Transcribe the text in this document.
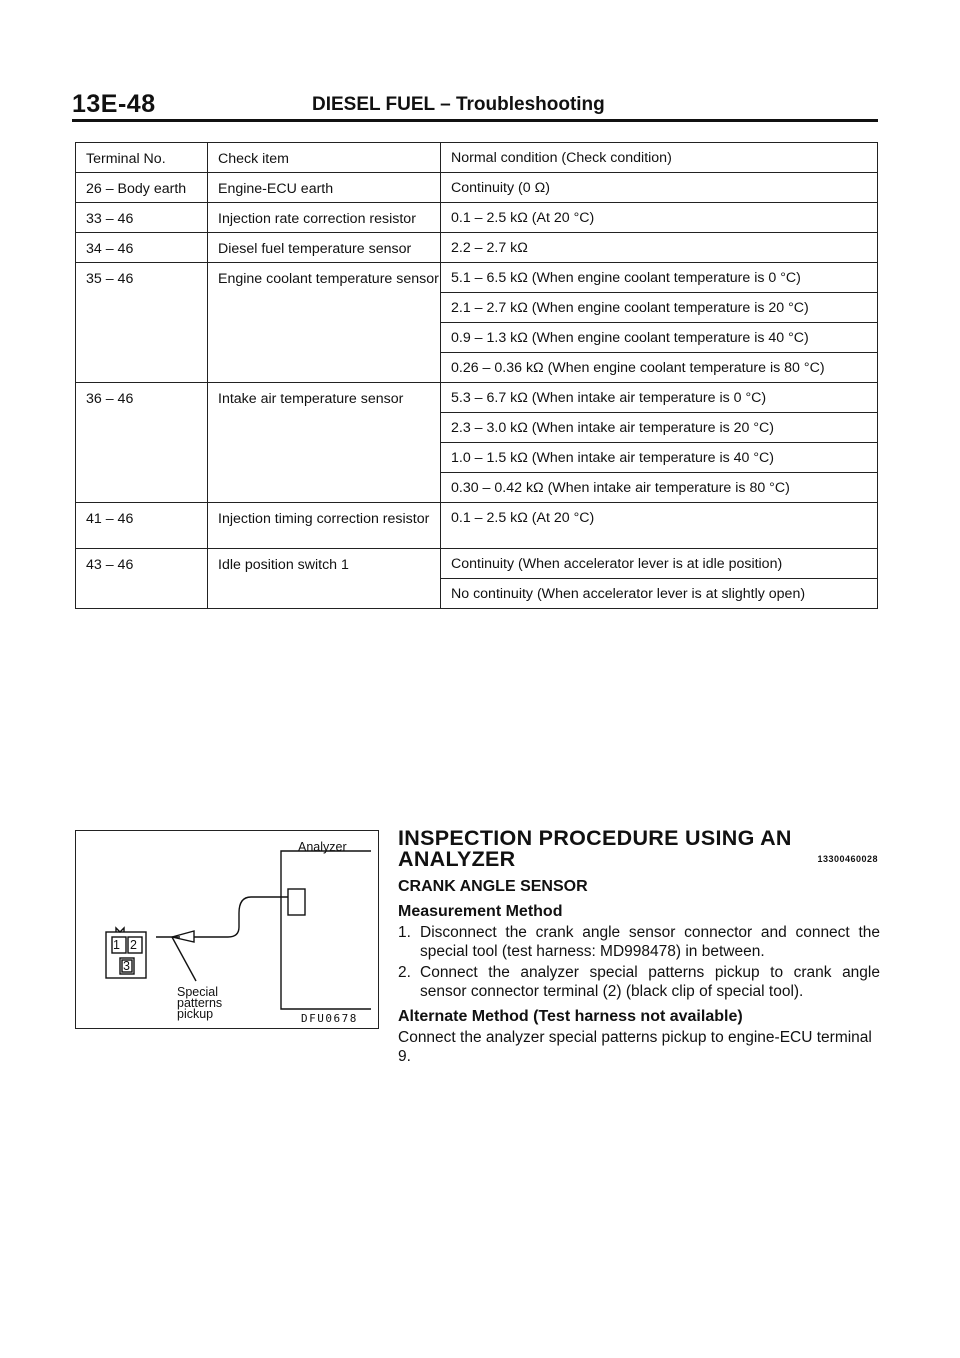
13E-48	DIESEL FUEL – Troubleshooting
Terminal No.	Check item	Normal condition (Check condition)
26 – Body earth	Engine-ECU earth	Continuity (0 Ω)
33 – 46	Injection rate correction resistor	0.1 – 2.5 kΩ (At 20 °C)
34 – 46	Diesel fuel temperature sensor	2.2 – 2.7 kΩ
35 – 46	Engine coolant temperature sensor	5.1 – 6.5 kΩ (When engine coolant temperature is 0 °C)
		2.1 – 2.7 kΩ (When engine coolant temperature is 20 °C)
		0.9 – 1.3 kΩ (When engine coolant temperature is 40 °C)
		0.26 – 0.36 kΩ (When engine coolant temperature is 80 °C)
36 – 46	Intake air temperature sensor	5.3 – 6.7 kΩ (When intake air temperature is 0 °C)
		2.3 – 3.0 kΩ (When intake air temperature is 20 °C)
		1.0 – 1.5 kΩ (When intake air temperature is 40 °C)
		0.30 – 0.42 kΩ (When intake air temperature is 80 °C)
41 – 46	Injection timing correction resistor	0.1 – 2.5 kΩ (At 20 °C)
43 – 46	Idle position switch 1	Continuity (When accelerator lever is at idle position)
		No continuity (When accelerator lever is at slightly open)
1 2
3
Analyzer
Special
patterns
pickup	DFU0678
INSPECTION PROCEDURE USING AN
ANALYZER	13300460028
CRANK ANGLE SENSOR
Measurement Method
1. Disconnect the crank angle sensor connector and connect the special tool (test harness: MD998478) in between.
2. Connect the analyzer special patterns pickup to crank angle sensor connector terminal (2) (black clip of special tool).
Alternate Method (Test harness not available)
Connect the analyzer special patterns pickup to engine-ECU terminal 9.
